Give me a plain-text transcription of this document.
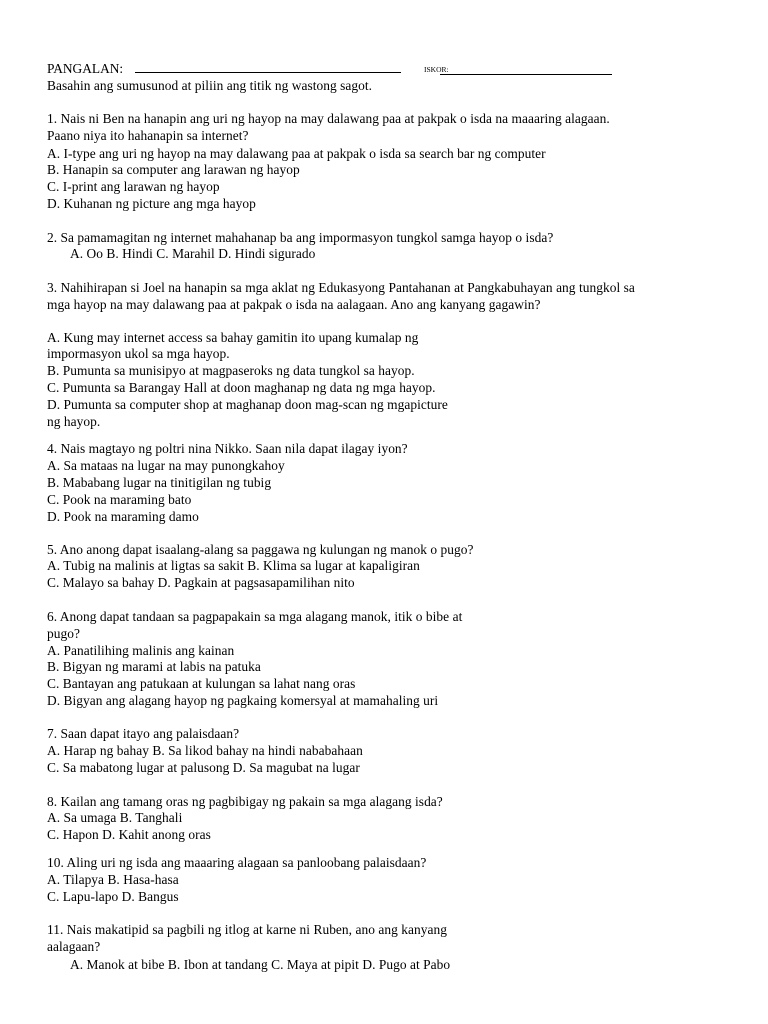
PANGALAN:	ISKOR:
Basahin ang sumusunod at piliin ang titik ng wastong sagot.
1. Nais ni Ben na hanapin ang uri ng hayop na may dalawang paa at pakpak o isda na maaaring alagaan.
Paano niya ito hahanapin sa internet?
A. I-type ang uri ng hayop na may dalawang paa at pakpak o isda sa search bar ng computer
B. Hanapin sa computer ang larawan ng hayop
C. I-print ang larawan ng hayop
D. Kuhanan ng picture ang mga hayop
2. Sa pamamagitan ng internet mahahanap ba ang impormasyon tungkol samga hayop o isda?
A. Oo B. Hindi C. Marahil D. Hindi sigurado
3. Nahihirapan si Joel na hanapin sa mga aklat ng Edukasyong Pantahanan at Pangkabuhayan ang tungkol sa
mga hayop na may dalawang paa at pakpak o isda na aalagaan. Ano ang kanyang gagawin?
A. Kung may internet access sa bahay gamitin ito upang kumalap ng
impormasyon ukol sa mga hayop.
B. Pumunta sa munisipyo at magpaseroks ng data tungkol sa hayop.
C. Pumunta sa Barangay Hall at doon maghanap ng data ng mga hayop.
D. Pumunta sa computer shop at maghanap doon mag-scan ng mgapicture
ng hayop.
4. Nais magtayo ng poltri nina Nikko. Saan nila dapat ilagay iyon?
A. Sa mataas na lugar na may punongkahoy
B. Mababang lugar na tinitigilan ng tubig
C. Pook na maraming bato
D. Pook na maraming damo
5. Ano anong dapat isaalang-alang sa paggawa ng kulungan ng manok o pugo?
A. Tubig na malinis at ligtas sa sakit B. Klima sa lugar at kapaligiran
C. Malayo sa bahay D. Pagkain at pagsasapamilihan nito
6. Anong dapat tandaan sa pagpapakain sa mga alagang manok, itik o bibe at
pugo?
A. Panatilihing malinis ang kainan
B. Bigyan ng marami at labis na patuka
C. Bantayan ang patukaan at kulungan sa lahat nang oras
D. Bigyan ang alagang hayop ng pagkaing komersyal at mamahaling uri
7. Saan dapat itayo ang palaisdaan?
A. Harap ng bahay B. Sa likod bahay na hindi nababahaan
C. Sa mabatong lugar at palusong D. Sa magubat na lugar
8. Kailan ang tamang oras ng pagbibigay ng pakain sa mga alagang isda?
A. Sa umaga B. Tanghali
C. Hapon D. Kahit anong oras
10. Aling uri ng isda ang maaaring alagaan sa panloobang palaisdaan?
A. Tilapya B. Hasa-hasa
C. Lapu-lapo D. Bangus
11. Nais makatipid sa pagbili ng itlog at karne ni Ruben, ano ang kanyang
aalagaan?
A. Manok at bibe B. Ibon at tandang C. Maya at pipit D. Pugo at Pabo
